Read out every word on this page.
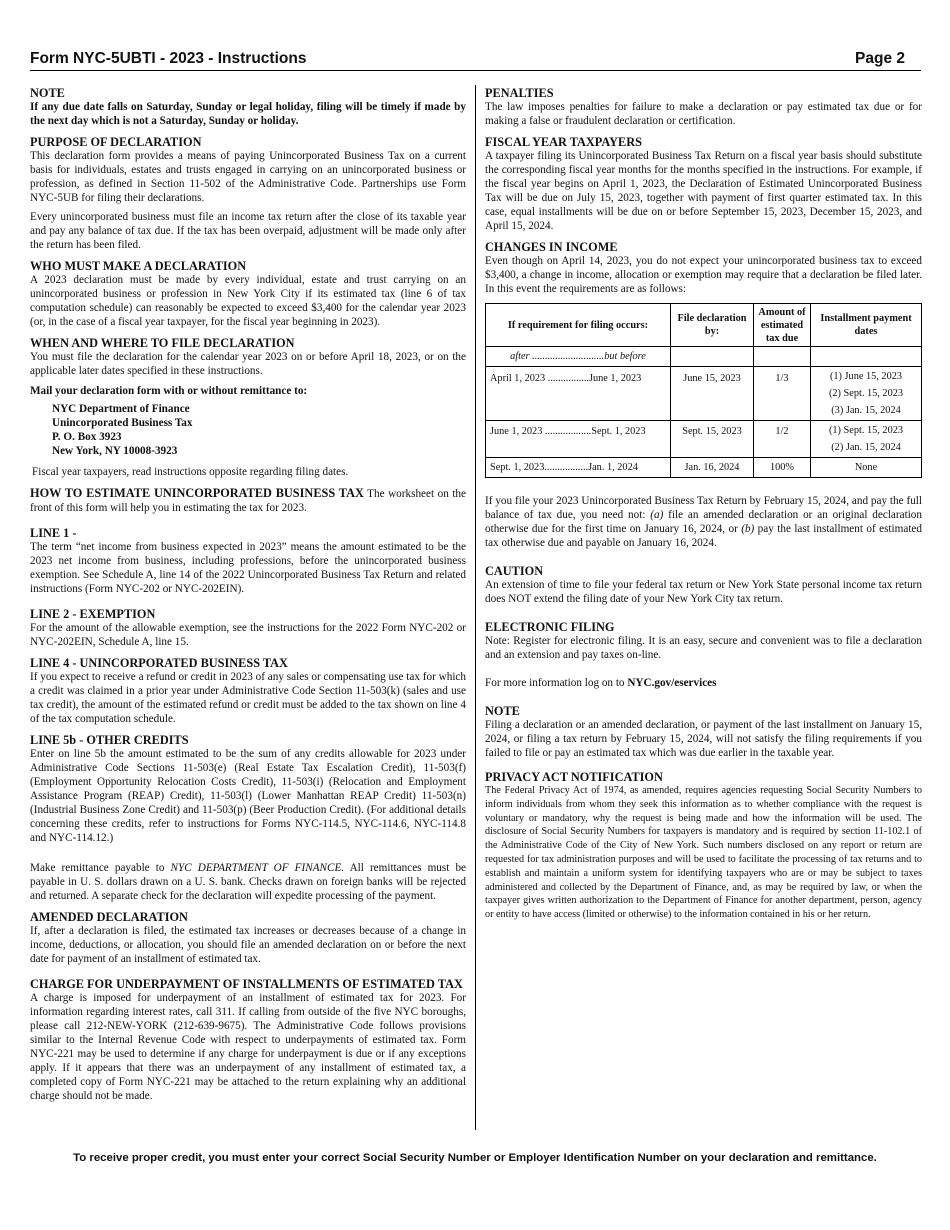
Form NYC-5UBTI - 2023 - Instructions	Page 2
NOTE

If any due date falls on Saturday, Sunday or legal holiday, filing will be timely if made by the next day which is not a Saturday, Sunday or holiday.

PURPOSE OF DECLARATION

This declaration form provides a means of paying Unincorporated Business Tax on a current basis for individuals, estates and trusts engaged in carrying on an unincorporated business or profession, as defined in Section 11-502 of the Administrative Code. Partnerships use Form NYC-5UB for filing their declarations.

Every unincorporated business must file an income tax return after the close of its taxable year and pay any balance of tax due. If the tax has been overpaid, adjustment will be made only after the return has been filed.

WHO MUST MAKE A DECLARATION

A 2023 declaration must be made by every individual, estate and trust carrying on an unincorporated business or profession in New York City if its estimated tax (line 6 of tax computation schedule) can reasonably be expected to exceed $3,400 for the calendar year 2023 (or, in the case of a fiscal year taxpayer, for the fiscal year beginning in 2023).

WHEN AND WHERE TO FILE DECLARATION

You must file the declaration for the calendar year 2023 on or before April 18, 2023, or on the applicable later dates specified in these instructions.

Mail your declaration form with or without remittance to:

NYC Department of Finance
Unincorporated Business Tax
P. O. Box 3923
New York, NY 10008-3923

Fiscal year taxpayers, read instructions opposite regarding filing dates.

HOW TO ESTIMATE UNINCORPORATED BUSINESS TAX The worksheet on the front of this form will help you in estimating the tax for 2023.

LINE 1 -

The term “net income from business expected in 2023” means the amount estimated to be the 2023 net income from business, including professions, before the unincorporated business exemption. See Schedule A, line 14 of the 2022 Unincorporated Business Tax Return and related instructions (Form NYC-202 or NYC-202EIN).

LINE 2 - EXEMPTION

For the amount of the allowable exemption, see the instructions for the 2022 Form NYC-202 or NYC-202EIN, Schedule A, line 15.

LINE 4 - UNINCORPORATED BUSINESS TAX

If you expect to receive a refund or credit in 2023 of any sales or compensating use tax for which a credit was claimed in a prior year under Administrative Code Section 11-503(k) (sales and use tax credit), the amount of the estimated refund or credit must be added to the tax shown on line 4 of the tax computation schedule.

LINE 5b - OTHER CREDITS

Enter on line 5b the amount estimated to be the sum of any credits allowable for 2023 under Administrative Code Sections 11-503(e) (Real Estate Tax Escalation Credit), 11-503(f) (Employment Opportunity Relocation Costs Credit), 11-503(i) (Relocation and Employment Assistance Program (REAP) Credit), 11-503(l) (Lower Manhattan REAP Credit) 11-503(n) (Industrial Business Zone Credit) and 11-503(p) (Beer Production Credit). (For additional details concerning these credits, refer to instructions for Forms NYC-114.5, NYC-114.6, NYC-114.8 and NYC-114.12.)

Make remittance payable to NYC DEPARTMENT OF FINANCE. All remittances must be payable in U. S. dollars drawn on a U. S. bank. Checks drawn on foreign banks will be rejected and returned. A separate check for the declaration will expedite processing of the payment.

AMENDED DECLARATION

If, after a declaration is filed, the estimated tax increases or decreases because of a change in income, deductions, or allocation, you should file an amended declaration on or before the next date for payment of an installment of estimated tax.

CHARGE FOR UNDERPAYMENT OF INSTALLMENTS OF ESTIMATED TAX

A charge is imposed for underpayment of an installment of estimated tax for 2023. For information regarding interest rates, call 311. If calling from outside of the five NYC boroughs, please call 212-NEW-YORK (212-639-9675). The Administrative Code follows provisions similar to the Internal Revenue Code with respect to underpayments of estimated tax. Form NYC-221 may be used to determine if any charge for underpayment is due or if any exceptions apply. If it appears that there was an underpayment of any installment of estimated tax, a completed copy of Form NYC-221 may be attached to the return explaining why an additional charge should not be made.

PENALTIES

The law imposes penalties for failure to make a declaration or pay estimated tax due or for making a false or fraudulent declaration or certification.

FISCAL YEAR TAXPAYERS

A taxpayer filing its Unincorporated Business Tax Return on a fiscal year basis should substitute the corresponding fiscal year months for the months specified in the instructions. For example, if the fiscal year begins on April 1, 2023, the Declaration of Estimated Unincorporated Business Tax will be due on July 15, 2023, together with payment of first quarter estimated tax. In this case, equal installments will be due on or before September 15, 2023, December 15, 2023, and April 15, 2024.

CHANGES IN INCOME

Even though on April 14, 2023, you do not expect your unincorporated business tax to exceed $3,400, a change in income, allocation or exemption may require that a declaration be filed later. In this event the requirements are as follows:

If requirement for filing occurs:	File declaration by:	Amount of estimated tax due	Installment payment dates
after ............................but before			
April 1, 2023 ................June 1, 2023	June 15, 2023	1/3	(1) June 15, 2023
(2) Sept. 15, 2023
(3) Jan. 15, 2024

June 1, 2023 ..................Sept. 1, 2023	Sept. 15, 2023	1/2	(1) Sept. 15, 2023
(2) Jan. 15, 2024

Sept. 1, 2023.................Jan. 1, 2024	Jan. 16, 2024	100%	None

If you file your 2023 Unincorporated Business Tax Return by February 15, 2024, and pay the full balance of tax due, you need not: (a) file an amended declaration or an original declaration otherwise due for the first time on January 16, 2024, or (b) pay the last installment of estimated tax otherwise due and payable on January 16, 2024.

CAUTION

An extension of time to file your federal tax return or New York State personal income tax return does NOT extend the filing date of your New York City tax return.

ELECTRONIC FILING

Note: Register for electronic filing. It is an easy, secure and convenient was to file a declaration and an extension and pay taxes on-line.

For more information log on to NYC.gov/eservices

NOTE

Filing a declaration or an amended declaration, or payment of the last installment on January 15, 2024, or filing a tax return by February 15, 2024, will not satisfy the filing requirements if you failed to file or pay an estimated tax which was due earlier in the taxable year.

PRIVACY ACT NOTIFICATION

The Federal Privacy Act of 1974, as amended, requires agencies requesting Social Security Numbers to inform individuals from whom they seek this information as to whether compliance with the request is voluntary or mandatory, why the request is being made and how the information will be used. The disclosure of Social Security Numbers for taxpayers is mandatory and is required by section 11-102.1 of the Administrative Code of the City of New York. Such numbers disclosed on any report or return are requested for tax administration purposes and will be used to facilitate the processing of tax returns and to establish and maintain a uniform system for identifying taxpayers who are or may be subject to taxes administered and collected by the Department of Finance, and, as may be required by law, or when the taxpayer gives written authorization to the Department of Finance for another department, person, agency or entity to have access (limited or otherwise) to the information contained in his or her return.

To receive proper credit, you must enter your correct Social Security Number or Employer Identification Number on your declaration and remittance.
